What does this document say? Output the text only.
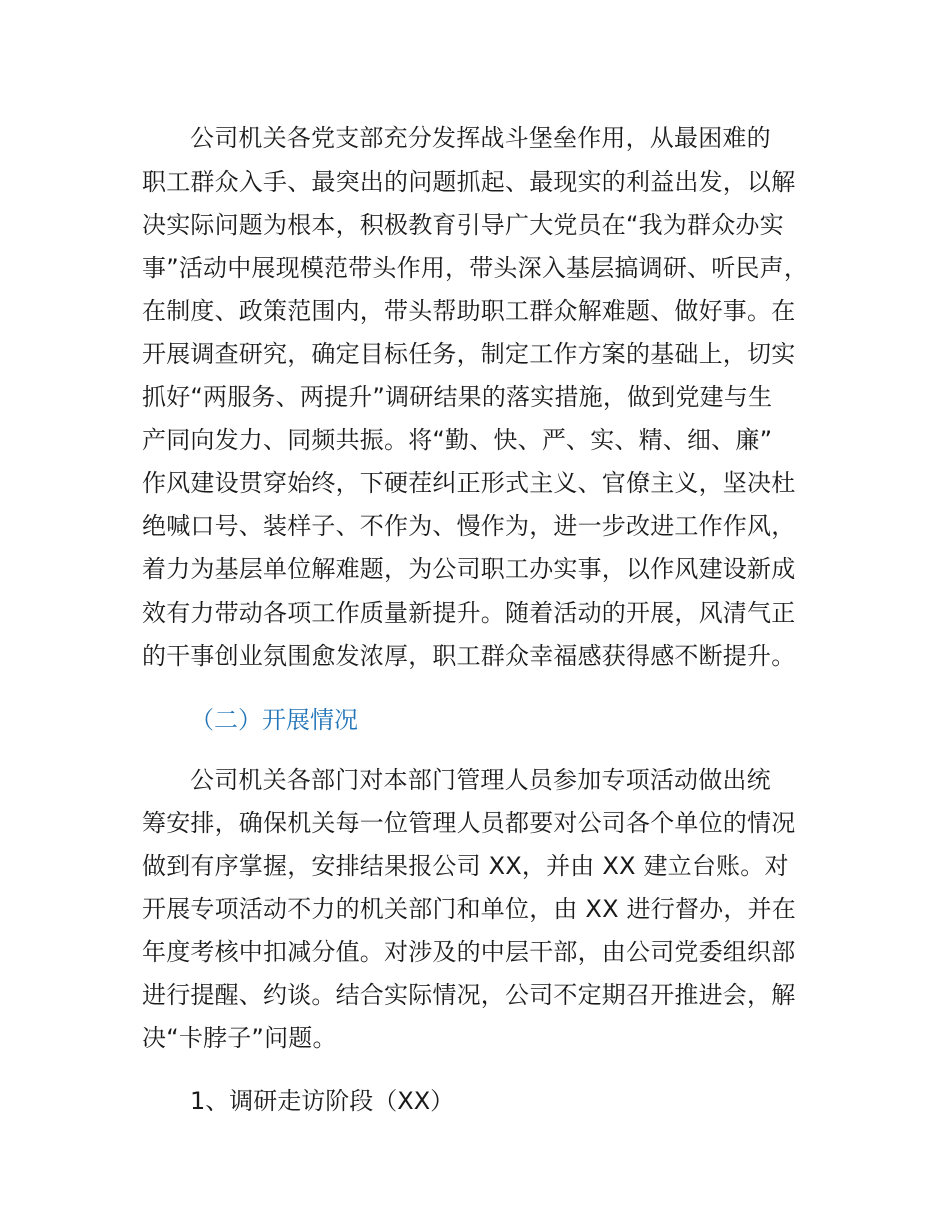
公司机关各党支部充分发挥战斗堡垒作用，从最困难的
职工群众入手、最突出的问题抓起、最现实的利益出发，以解
决实际问题为根本，积极教育引导广大党员在“我为群众办实
事”活动中展现模范带头作用，带头深入基层搞调研、听民声，
在制度、政策范围内，带头帮助职工群众解难题、做好事。在
开展调查研究，确定目标任务，制定工作方案的基础上，切实
抓好“两服务、两提升”调研结果的落实措施，做到党建与生
产同向发力、同频共振。将“勤、快、严、实、精、细、廉”
作风建设贯穿始终，下硬茬纠正形式主义、官僚主义，坚决杜
绝喊口号、装样子、不作为、慢作为，进一步改进工作作风，
着力为基层单位解难题，为公司职工办实事，以作风建设新成
效有力带动各项工作质量新提升。随着活动的开展，风清气正
的干事创业氛围愈发浓厚，职工群众幸福感获得感不断提升。
（二）开展情况
公司机关各部门对本部门管理人员参加专项活动做出统
筹安排，确保机关每一位管理人员都要对公司各个单位的情况
做到有序掌握，安排结果报公司 XX，并由 XX 建立台账。对
开展专项活动不力的机关部门和单位，由 XX 进行督办，并在
年度考核中扣减分值。对涉及的中层干部，由公司党委组织部
进行提醒、约谈。结合实际情况，公司不定期召开推进会，解
决“卡脖子”问题。
1、调研走访阶段（XX）
